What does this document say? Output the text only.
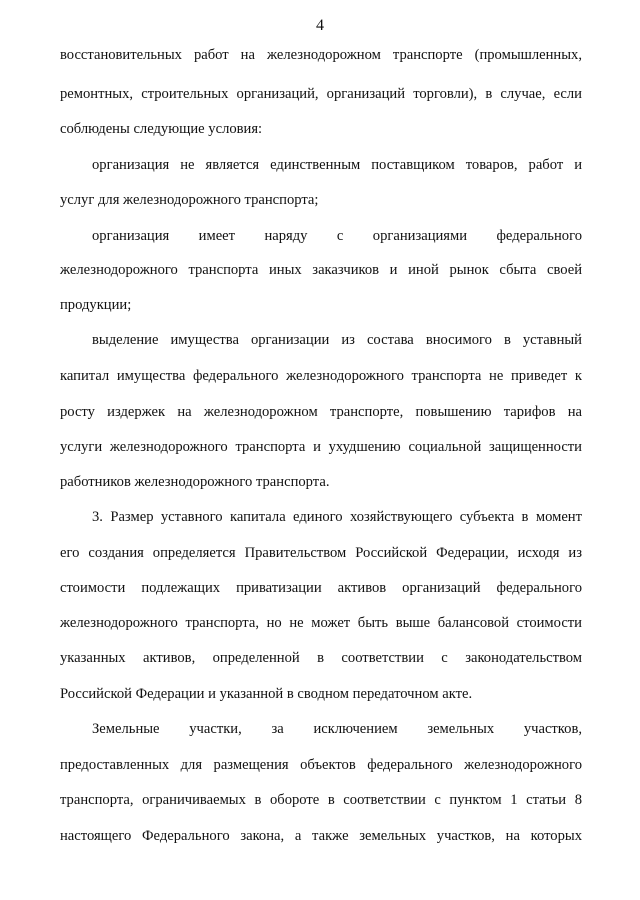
4
восстановительных работ на железнодорожном транспорте (промышленных,
ремонтных, строительных организаций, организаций торговли), в случае, если
соблюдены следующие условия:
организация не является единственным поставщиком товаров, работ и
услуг для железнодорожного транспорта;
организация имеет наряду с организациями федерального
железнодорожного транспорта иных заказчиков и иной рынок сбыта своей
продукции;
выделение имущества организации из состава вносимого в уставный
капитал имущества федерального железнодорожного транспорта не приведет к
росту издержек на железнодорожном транспорте, повышению тарифов на
услуги железнодорожного транспорта и ухудшению социальной защищенности
работников железнодорожного транспорта.
3. Размер уставного капитала единого хозяйствующего субъекта в момент
его создания определяется Правительством Российской Федерации, исходя из
стоимости подлежащих приватизации активов организаций федерального
железнодорожного транспорта, но не может быть выше балансовой стоимости
указанных активов, определенной в соответствии с законодательством
Российской Федерации и указанной в сводном передаточном акте.
Земельные участки, за исключением земельных участков,
предоставленных для размещения объектов федерального железнодорожного
транспорта, ограничиваемых в обороте в соответствии с пунктом 1 статьи 8
настоящего Федерального закона, а также земельных участков, на которых
